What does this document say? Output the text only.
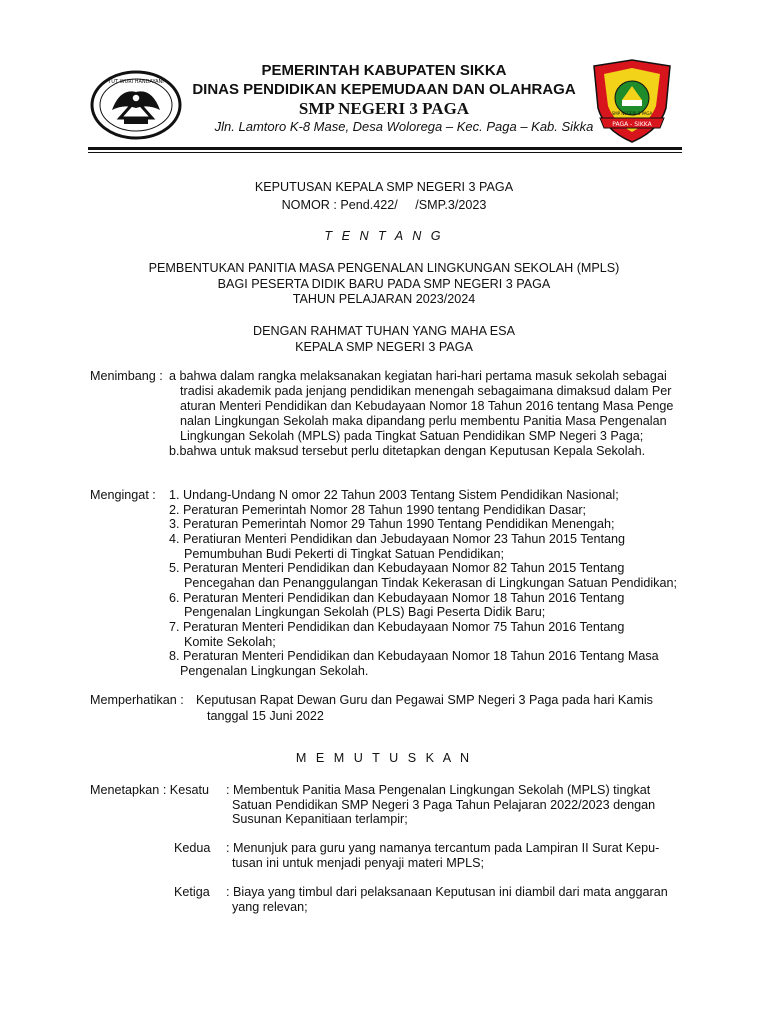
TUT WURI HANDAYANI
PEMERINTAH KABUPATEN SIKKA
DINAS PENDIDIKAN KEPEMUDAAN DAN OLAHRAGA
SMP NEGERI 3 PAGA
Jln. Lamtoro K-8 Mase, Desa Wolorega – Kec. Paga – Kab. Sikka	PAGA - SIKKA
SMP NEGERI 3 PAGA
KEPUTUSAN KEPALA SMP NEGERI 3 PAGA
NOMOR : Pend.422/     /SMP.3/2023
T E N T A N G
PEMBENTUKAN PANITIA MASA PENGENALAN LINGKUNGAN SEKOLAH (MPLS)
BAGI PESERTA DIDIK BARU PADA SMP NEGERI 3 PAGA
TAHUN PELAJARAN 2023/2024
DENGAN RAHMAT TUHAN YANG MAHA ESA
KEPALA SMP NEGERI 3 PAGA
Menimbang : a bahwa dalam rangka melaksanakan kegiatan hari-hari pertama masuk sekolah sebagai
tradisi akademik pada jenjang pendidikan menengah sebagaimana dimaksud dalam Per
aturan Menteri Pendidikan dan Kebudayaan Nomor 18 Tahun 2016 tentang Masa Penge
nalan Lingkungan Sekolah maka dipandang perlu membentu Panitia Masa Pengenalan
Lingkungan Sekolah (MPLS) pada Tingkat Satuan Pendidikan SMP Negeri 3 Paga;
b.bahwa untuk maksud tersebut perlu ditetapkan dengan Keputusan Kepala Sekolah.
Mengingat : 1. Undang-Undang N omor 22 Tahun 2003 Tentang Sistem Pendidikan Nasional;
2. Peraturan Pemerintah Nomor 28 Tahun 1990 tentang Pendidikan Dasar;
3. Peraturan Pemerintah Nomor 29 Tahun 1990 Tentang Pendidikan Menengah;
4. Peratiuran Menteri Pendidikan dan Jebudayaan Nomor 23 Tahun 2015 Tentang
Pemumbuhan Budi Pekerti di Tingkat Satuan Pendidikan;
5. Peraturan Menteri Pendidikan dan Kebudayaan Nomor 82 Tahun 2015 Tentang
Pencegahan dan Penanggulangan Tindak Kekerasan di Lingkungan Satuan Pendidikan;
6. Peraturan Menteri Pendidikan dan Kebudayaan Nomor 18 Tahun 2016 Tentang
Pengenalan Lingkungan Sekolah (PLS) Bagi Peserta Didik Baru;
7. Peraturan Menteri Pendidikan dan Kebudayaan Nomor 75 Tahun 2016 Tentang
Komite Sekolah;
8. Peraturan Menteri Pendidikan dan Kebudayaan Nomor 18 Tahun 2016 Tentang Masa
Pengenalan Lingkungan Sekolah.
Memperhatikan : Keputusan Rapat Dewan Guru dan Pegawai SMP Negeri 3 Paga pada hari Kamis
tanggal 15 Juni 2022
M E M U T U S K A N
Menetapkan : Kesatu : Membentuk Panitia Masa Pengenalan Lingkungan Sekolah (MPLS) tingkat
Satuan Pendidikan SMP Negeri 3 Paga Tahun Pelajaran 2022/2023 dengan
Susunan Kepanitiaan terlampir;
Kedua : Menunjuk para guru yang namanya tercantum pada Lampiran II Surat Kepu-
tusan ini untuk menjadi penyaji materi MPLS;
Ketiga : Biaya yang timbul dari pelaksanaan Keputusan ini diambil dari mata anggaran
yang relevan;
